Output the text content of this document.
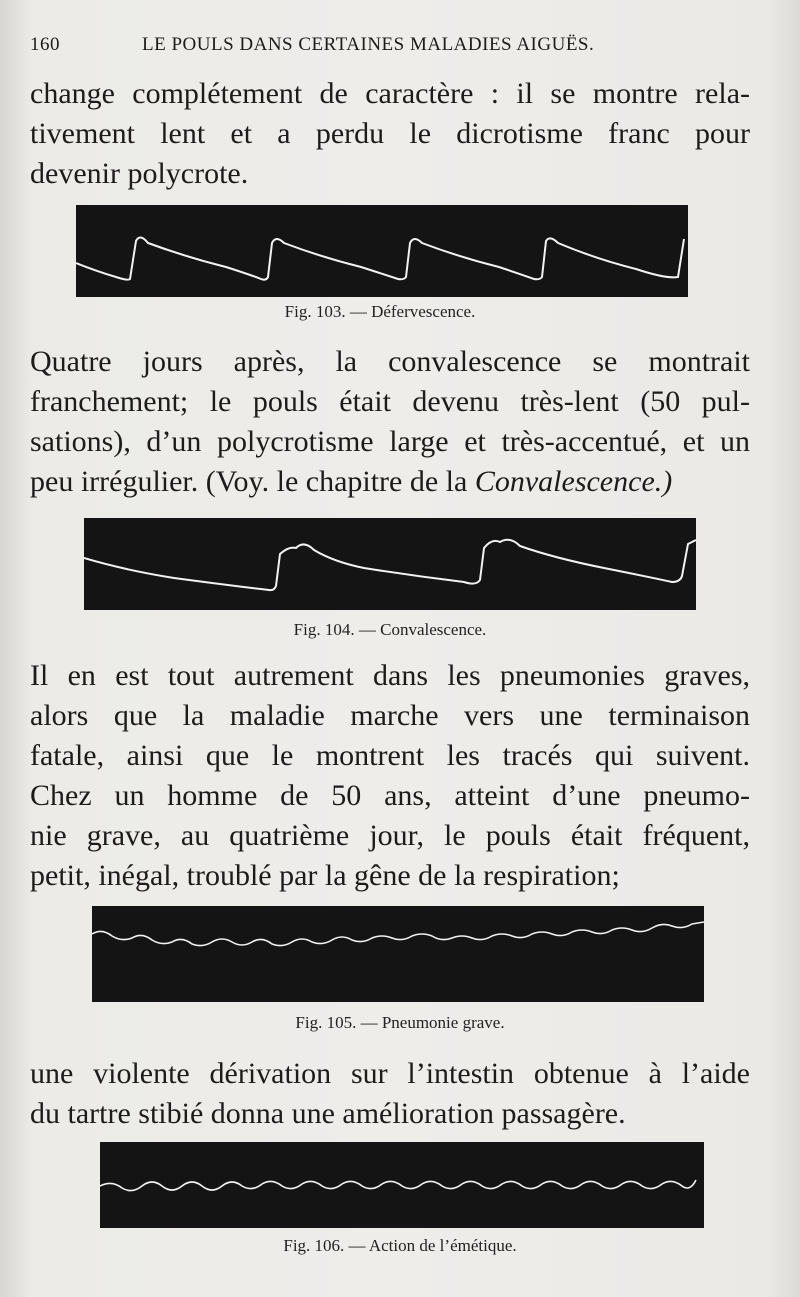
160	LE POULS DANS CERTAINES MALADIES AIGUËS.
change complétement de caractère : il se montre rela-
tivement lent et a perdu le dicrotisme franc pour
devenir polycrote.
Fig. 103. — Défervescence.
Quatre jours après, la convalescence se montrait
franchement; le pouls était devenu très-lent (50 pul-
sations), d’un polycrotisme large et très-accentué, et un
peu irrégulier. (Voy. le chapitre de la Convalescence.)
Fig. 104. — Convalescence.
Il en est tout autrement dans les pneumonies graves,
alors que la maladie marche vers une terminaison
fatale, ainsi que le montrent les tracés qui suivent.
Chez un homme de 50 ans, atteint d’une pneumo-
nie grave, au quatrième jour, le pouls était fréquent,
petit, inégal, troublé par la gêne de la respiration;
Fig. 105. — Pneumonie grave.
une violente dérivation sur l’intestin obtenue à l’aide
du tartre stibié donna une amélioration passagère.
Fig. 106. — Action de l’émétique.
